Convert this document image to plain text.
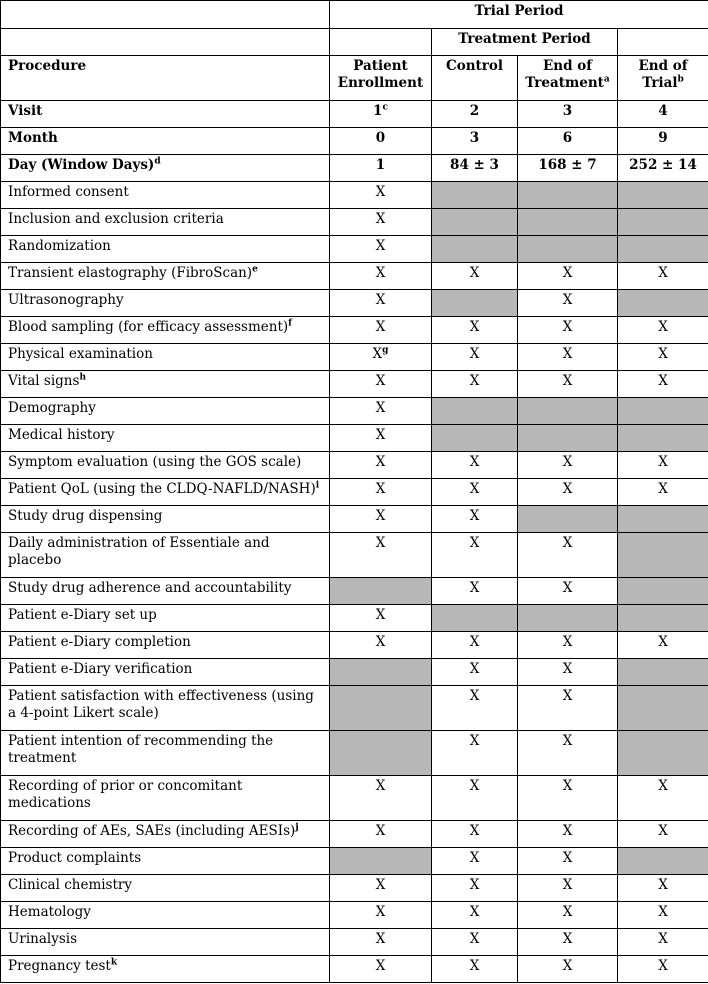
	Trial Period			
		Treatment Period		
Procedure	Patient Enrollment	Control	End of Treatment$^a$	End of Trial$^b$
Visit	1$^c$	2	3	4
Month	0	3	6	9
Day (Window Days)$^d$	1	84 ± 3	168 ± 7	252 ± 14
Informed consent	X			
Inclusion and exclusion criteria	X			
Randomization	X			
Transient elastography (FibroScan)$^e$	X	X	X	X
Ultrasonography	X		X	
Blood sampling (for efficacy assessment)$^f$	X	X	X	X
Physical examination	$X^g$	X	X	X
Vital signs$^h$	X	X	X	X
Demography	X			
Medical history	X			
Symptom evaluation (using the GOS scale)	X	X	X	X
Patient QoL (using the CLDQ-NAFLD/NASH)$^i$	X	X	X	X
Study drug dispensing	X	X		
Daily administration of Essentiale and placebo	X	X	X	
Study drug adherence and accountability		X	X	
Patient e-Diary set up	X			
Patient e-Diary completion	X	X	X	X
Patient e-Diary verification		X	X	
Patient satisfaction with effectiveness (using a 4-point Likert scale)		X	X	
Patient intention of recommending the treatment		X	X	
Recording of prior or concomitant medications	X	X	X	X
Recording of AEs, SAEs (including AESIs)$^j$	X	X	X	X
Product complaints		X	X	
Clinical chemistry	X	X	X	X
Hematology	X	X	X	X
Urinalysis	X	X	X	X
Pregnancy test$^k$	X	X	X	X
